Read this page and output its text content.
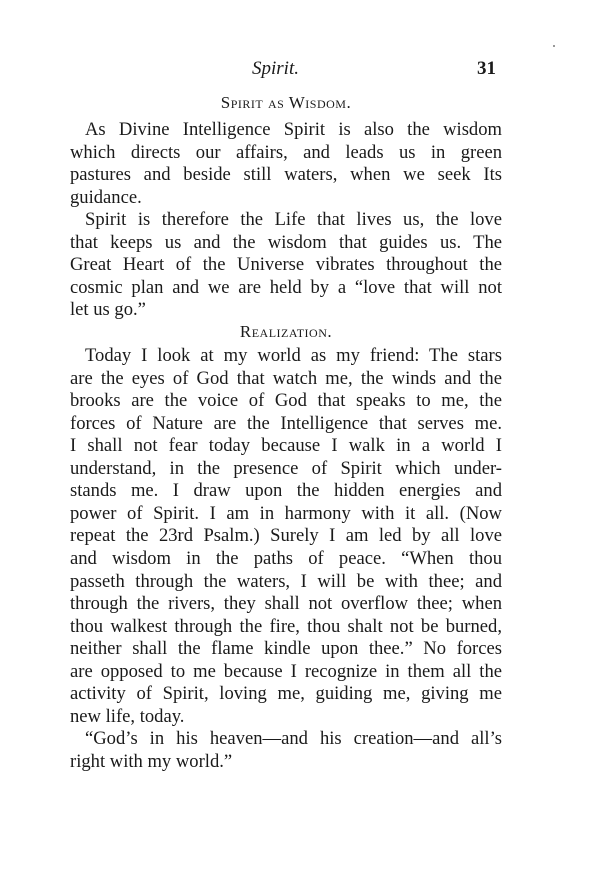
Spirit.	31
Spirit as Wisdom.
As Divine Intelligence Spirit is also the wisdom
which directs our affairs, and leads us in green
pastures and beside still waters, when we seek Its
guidance.
Spirit is therefore the Life that lives us, the love
that keeps us and the wisdom that guides us. The
Great Heart of the Universe vibrates throughout the
cosmic plan and we are held by a “love that will not
let us go.”
Realization.
Today I look at my world as my friend: The stars
are the eyes of God that watch me, the winds and the
brooks are the voice of God that speaks to me, the
forces of Nature are the Intelligence that serves me.
I shall not fear today because I walk in a world I
understand, in the presence of Spirit which under-
stands me. I draw upon the hidden energies and
power of Spirit. I am in harmony with it all. (Now
repeat the 23rd Psalm.) Surely I am led by all love
and wisdom in the paths of peace. “When thou
passeth through the waters, I will be with thee; and
through the rivers, they shall not overflow thee; when
thou walkest through the fire, thou shalt not be burned,
neither shall the flame kindle upon thee.” No forces
are opposed to me because I recognize in them all the
activity of Spirit, loving me, guiding me, giving me
new life, today.
“God’s in his heaven—and his creation—and all’s
right with my world.”
